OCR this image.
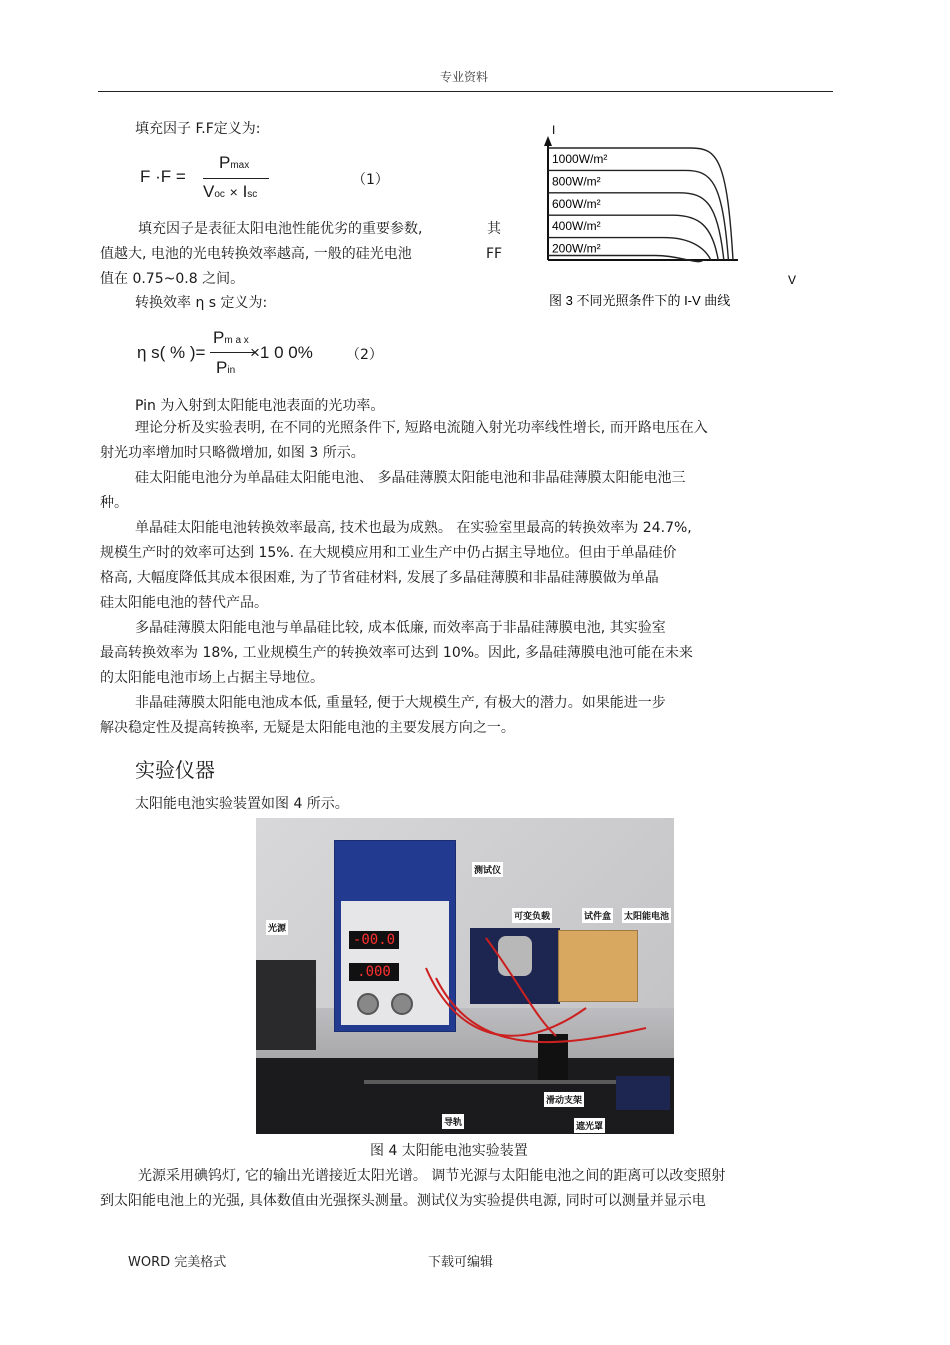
专业资料
填充因子 F.F定义为:
F ·F =
Pmax
Voc × Isc
（1）
填充因子是表征太阳电池性能优劣的重要参数,	其
值越大, 电池的光电转换效率越高, 一般的硅光电池	FF
值在 0.75~0.8 之间。
转换效率 η s 定义为:
η s( % )=
Pm a x
Pin
×1 0 0% （2）
I
V
1000W/m²
800W/m²
600W/m²
400W/m²
200W/m²
图 3 不同光照条件下的 I-V 曲线
Pin 为入射到太阳能电池表面的光功率。
理论分析及实验表明, 在不同的光照条件下, 短路电流随入射光功率线性增长, 而开路电压在入
射光功率增加时只略微增加, 如图 3 所示。
硅太阳能电池分为单晶硅太阳能电池、 多晶硅薄膜太阳能电池和非晶硅薄膜太阳能电池三
种。
单晶硅太阳能电池转换效率最高, 技术也最为成熟。 在实验室里最高的转换效率为 24.7%,
规模生产时的效率可达到 15%. 在大规模应用和工业生产中仍占据主导地位。但由于单晶硅价
格高, 大幅度降低其成本很困难, 为了节省硅材料, 发展了多晶硅薄膜和非晶硅薄膜做为单晶
硅太阳能电池的替代产品。
多晶硅薄膜太阳能电池与单晶硅比较, 成本低廉, 而效率高于非晶硅薄膜电池, 其实验室
最高转换效率为 18%, 工业规模生产的转换效率可达到 10%。因此, 多晶硅薄膜电池可能在未来
的太阳能电池市场上占据主导地位。
非晶硅薄膜太阳能电池成本低, 重量轻, 便于大规模生产, 有极大的潜力。如果能进一步
解决稳定性及提高转换率, 无疑是太阳能电池的主要发展方向之一。
实验仪器
太阳能电池实验装置如图 4 所示。
-00.0
.000
测试仪
光源
可变负载	试件盒 太阳能电池
导轨
滑动支架
遮光罩
图 4 太阳能电池实验装置
光源采用碘钨灯, 它的输出光谱接近太阳光谱。 调节光源与太阳能电池之间的距离可以改变照射
到太阳能电池上的光强, 具体数值由光强探头测量。测试仪为实验提供电源, 同时可以测量并显示电
WORD 完美格式	下载可编辑
